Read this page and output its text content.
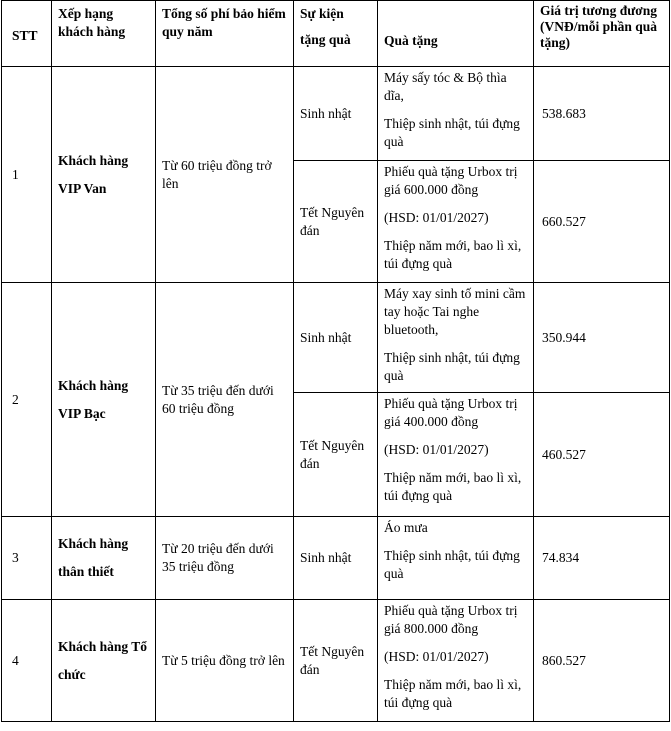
STT	Xếp hạng khách hàng	Tổng số phí bảo hiểm quy năm	Sự kiện tặng quà	Quà tặng	Giá trị tương đương (VNĐ/mỗi phần quà tặng)
1	Khách hàng VIP Van	Từ 60 triệu đồng trở lên	Sinh nhật	Máy sấy tóc & Bộ thìa dĩa,

Thiệp sinh nhật, túi đựng quà	538.683
			Tết Nguyên đán	Phiếu quà tặng Urbox trị giá 600.000 đồng

(HSD: 01/01/2027)

Thiệp năm mới, bao lì xì, túi đựng quà	660.527
2	Khách hàng VIP Bạc	Từ 35 triệu đến dưới 60 triệu đồng	Sinh nhật	Máy xay sinh tố mini cầm tay hoặc Tai nghe bluetooth,

Thiệp sinh nhật, túi đựng quà	350.944
			Tết Nguyên đán	Phiếu quà tặng Urbox trị giá 400.000 đồng

(HSD: 01/01/2027)

Thiệp năm mới, bao lì xì, túi đựng quà	460.527
3	Khách hàng thân thiết	Từ 20 triệu đến dưới 35 triệu đồng	Sinh nhật	Áo mưa

Thiệp sinh nhật, túi đựng quà	74.834
4	Khách hàng Tổ chức	Từ 5 triệu đồng trở lên	Tết Nguyên đán	Phiếu quà tặng Urbox trị giá 800.000 đồng

(HSD: 01/01/2027)

Thiệp năm mới, bao lì xì, túi đựng quà	860.527
